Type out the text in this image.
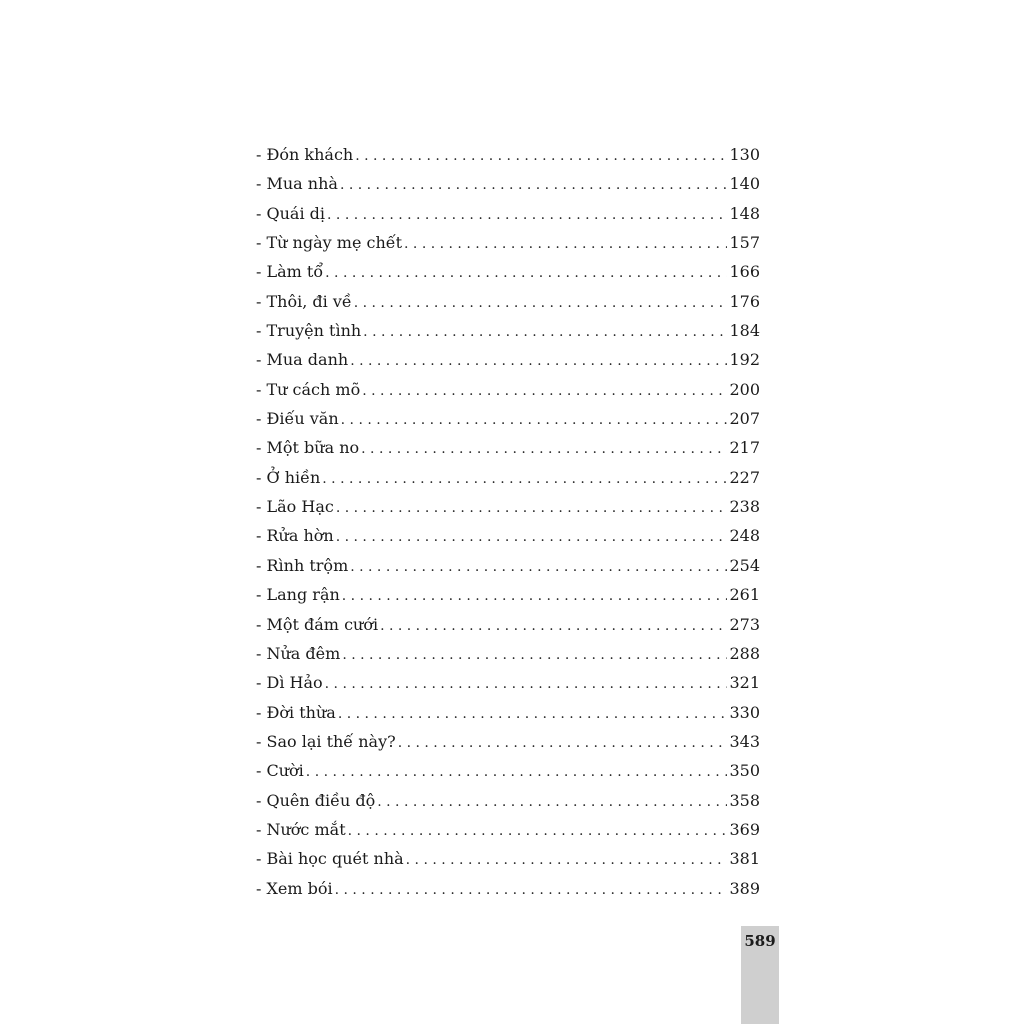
- Đón khách . . .	130
- Mua nhà . . .	140
- Quái dị . . .	148
- Từ ngày mẹ chết . . .	157
- Làm tổ . . .	166
- Thôi, đi về . . .	176
- Truyện tình . . .	184
- Mua danh . . .	192
- Tư cách mõ . . .	200
- Điếu văn . . .	207
- Một bữa no . . .	217
- Ở hiền . . .	227
- Lão Hạc . . .	238
- Rửa hờn . . .	248
- Rình trộm . . .	254
- Lang rận . . .	261
- Một đám cưới . . .	273
- Nửa đêm . . .	288
- Dì Hảo . . .	321
- Đời thừa . . .	330
- Sao lại thế này? . . .	343
- Cười . . .	350
- Quên điều độ . . .	358
- Nước mắt . . .	369
- Bài học quét nhà . . .	381
- Xem bói . . .	389
589
